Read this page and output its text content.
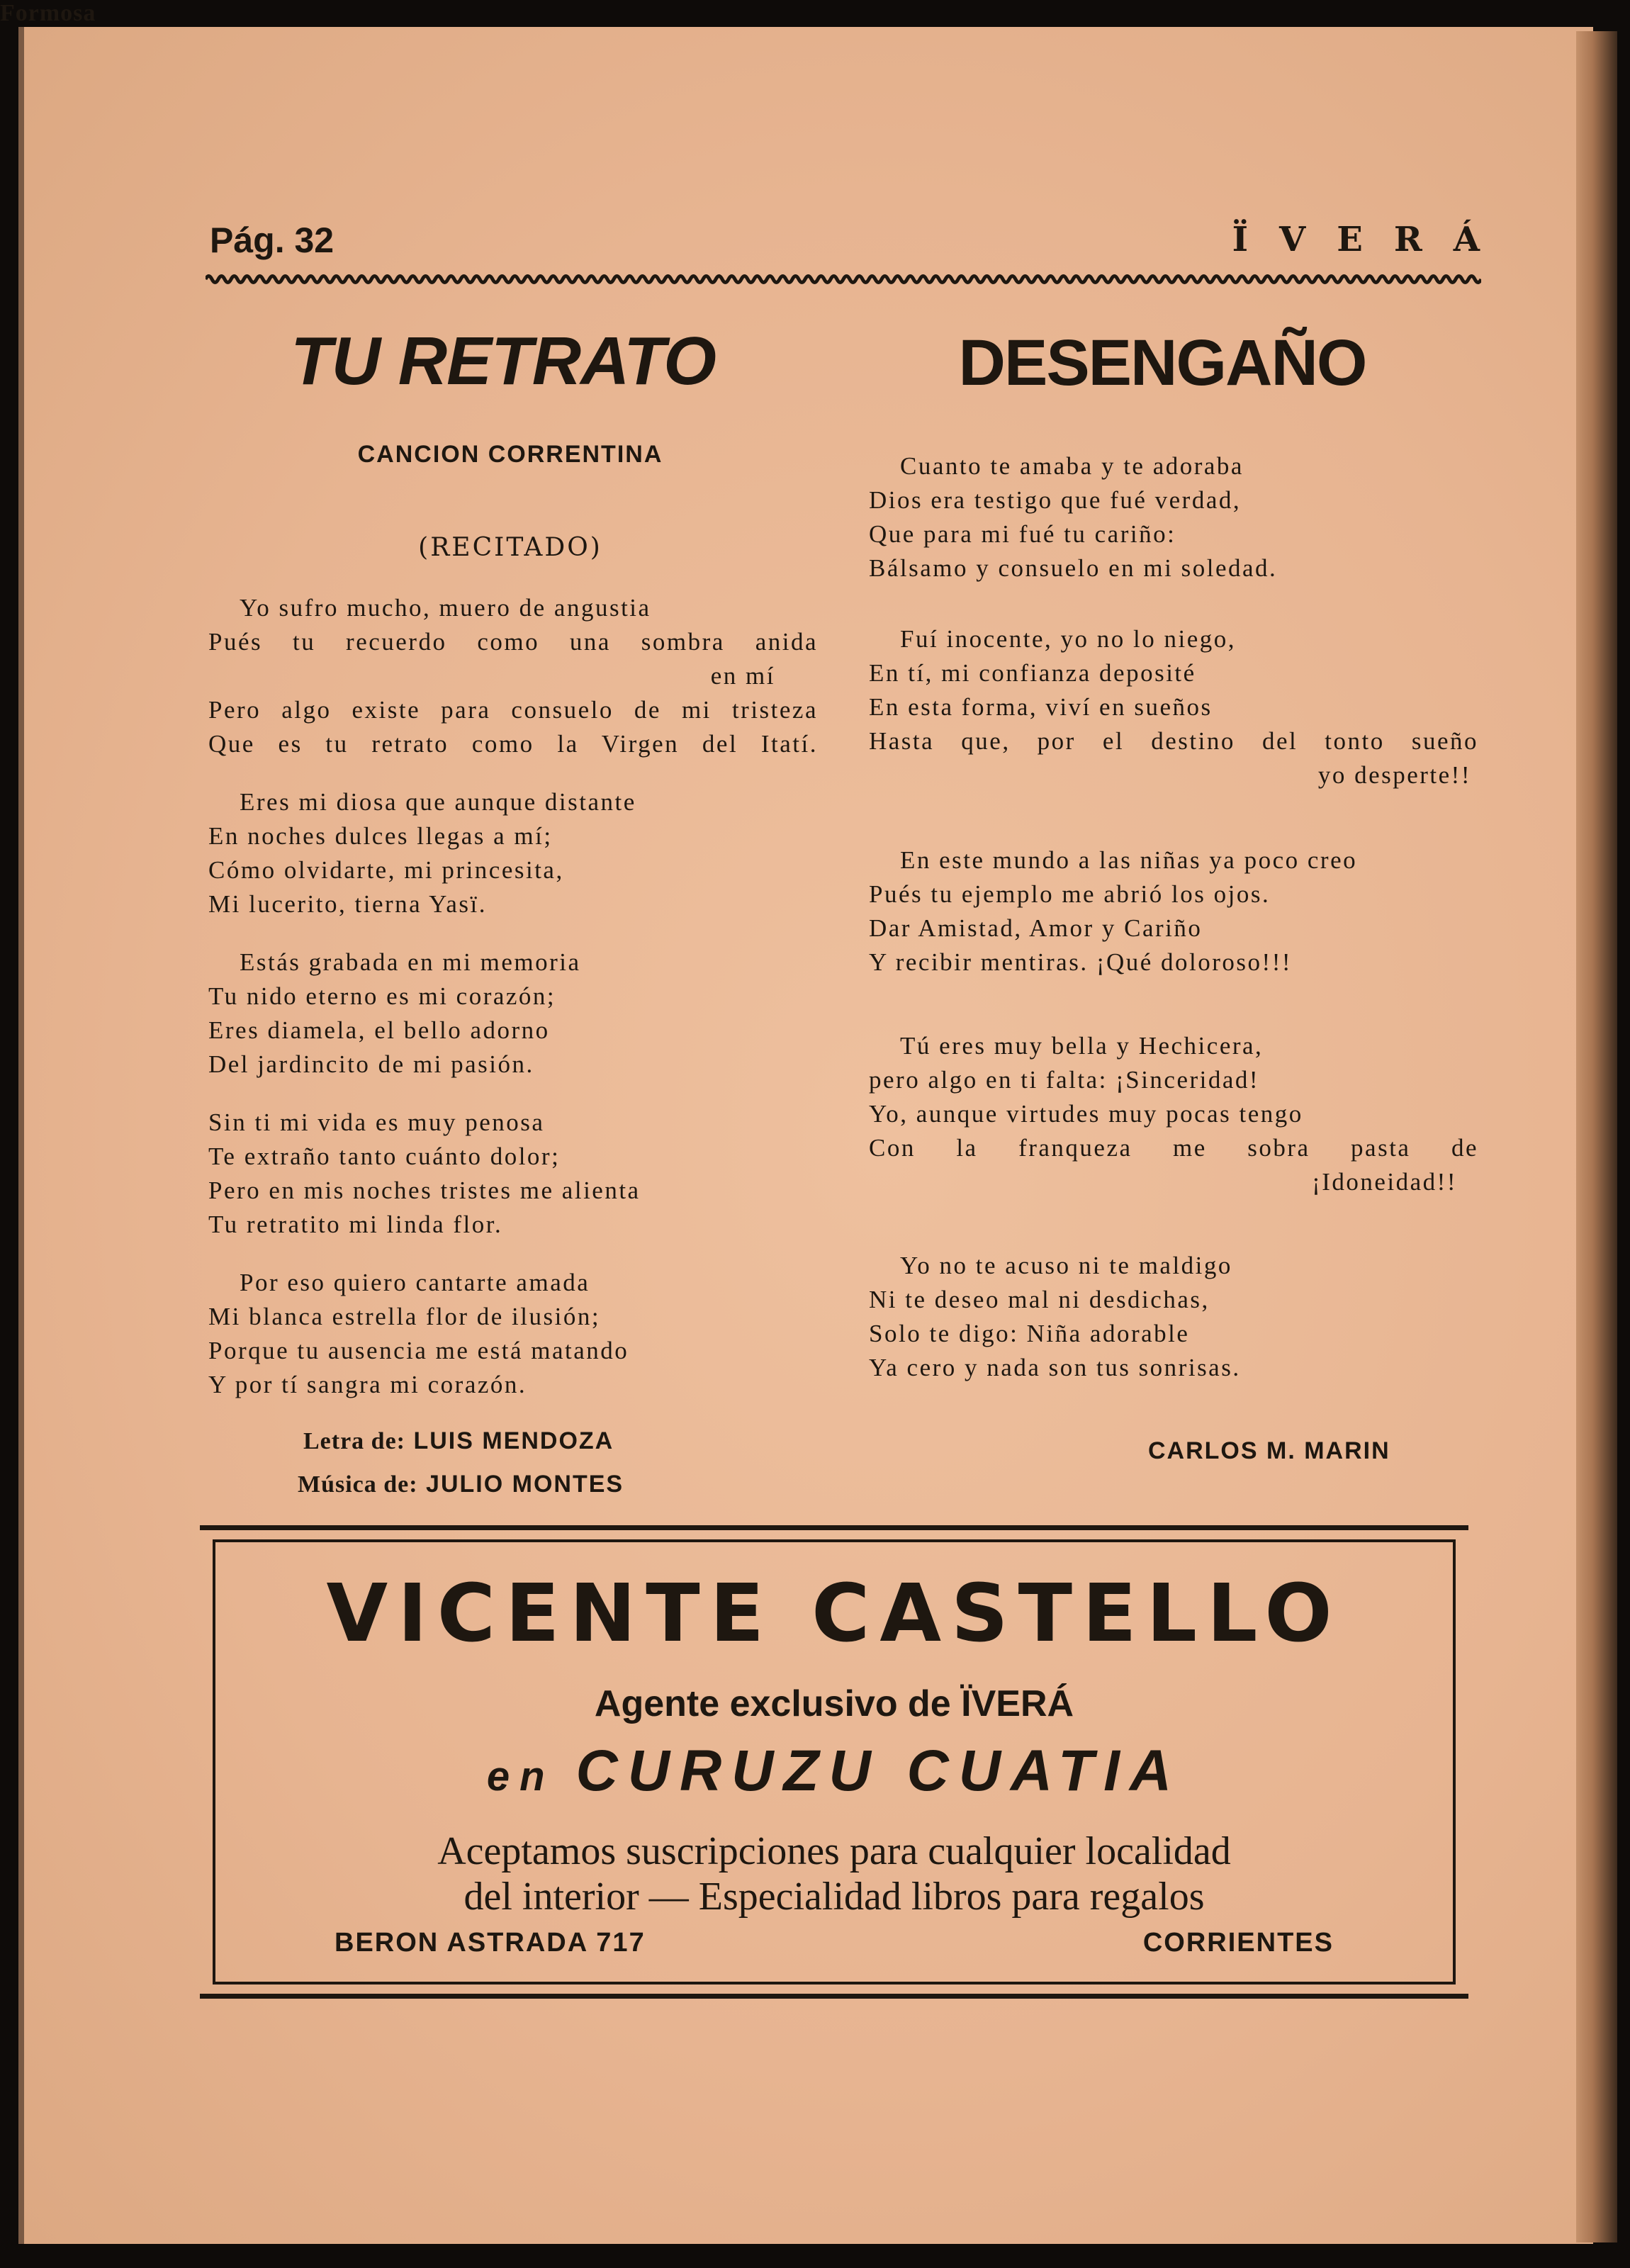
Pág. 32	ÏVERÁ
TU RETRATO	DESENGAÑO
CANCION CORRENTINA
(RECITADO)

Yo sufro mucho, muero de angustia

Pués tu recuerdo como una sombra anida

en mí

Pero algo existe para consuelo de mi tristeza

Que es tu retrato como la Virgen del Itatí.

Eres mi diosa que aunque distante

En noches dulces llegas a mí;

Cómo olvidarte, mi princesita,

Mi lucerito, tierna Yasï.

Estás grabada en mi memoria

Tu nido eterno es mi corazón;

Eres diamela, el bello adorno

Del jardincito de mi pasión.

Sin ti mi vida es muy penosa

Te extraño tanto cuánto dolor;

Pero en mis noches tristes me alienta

Tu retratito mi linda flor.

Por eso quiero cantarte amada

Mi blanca estrella flor de ilusión;

Porque tu ausencia me está matando

Y por tí sangra mi corazón.

Letra de: LUIS MENDOZA
Música de: JULIO MONTES

Cuanto te amaba y te adoraba

Dios era testigo que fué verdad,

Que para mi fué tu cariño:

Bálsamo y consuelo en mi soledad.

Fuí inocente, yo no lo niego,

En tí, mi confianza deposité

En esta forma, viví en sueños

Hasta que, por el destino del tonto sueño

yo desperte!!

En este mundo a las niñas ya poco creo

Pués tu ejemplo me abrió los ojos.

Dar Amistad, Amor y Cariño

Y recibir mentiras. ¡Qué doloroso!!!

Tú eres muy bella y Hechicera,

pero algo en ti falta: ¡Sinceridad!

Yo, aunque virtudes muy pocas tengo

Con la franqueza me sobra pasta de

¡Idoneidad!!

Yo no te acuso ni te maldigo

Ni te deseo mal ni desdichas,

Solo te digo: Niña adorable

Ya cero y nada son tus sonrisas.

CARLOS M. MARIN
Formosa
VICENTE CASTELLO
Agente exclusivo de ÏVERÁ
en CURUZU CUATIA
Aceptamos suscripciones para cualquier localidad
del interior — Especialidad libros para regalos
BERON ASTRADA 717	CORRIENTES
